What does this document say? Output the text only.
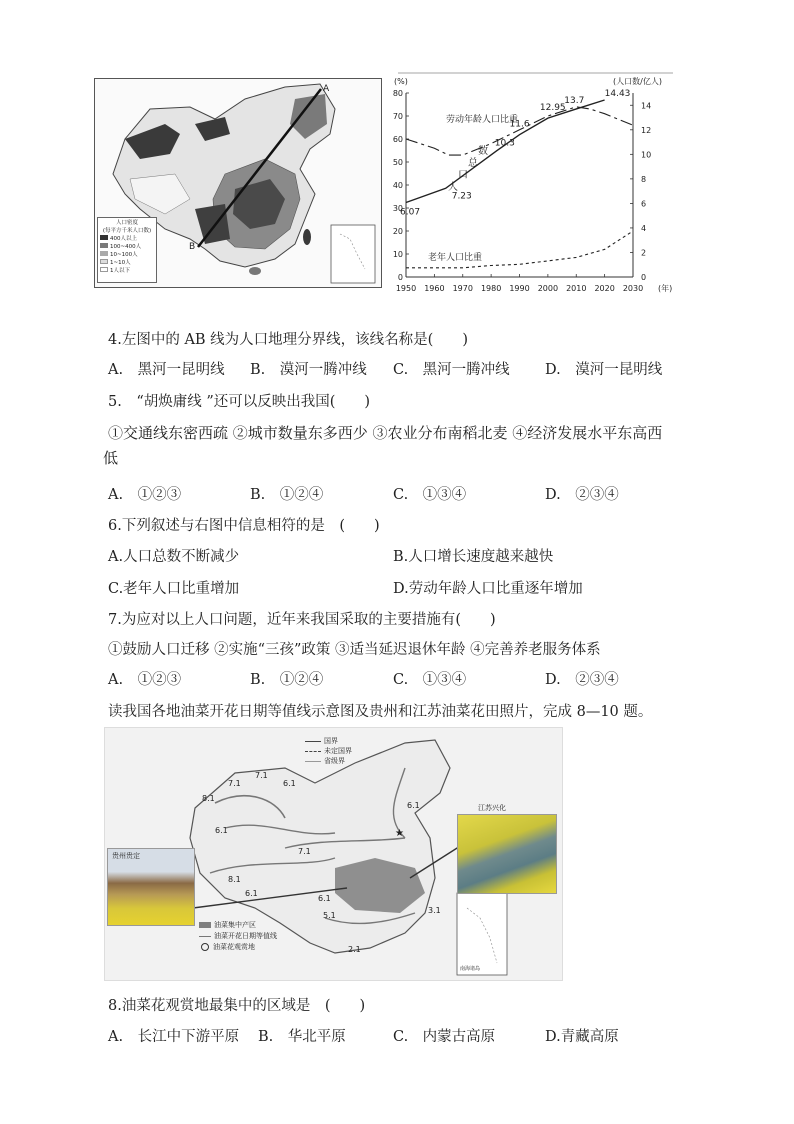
B
A
人口密度
(每平方千米人口数)
400人以上
100~400人
10~100人
1~10人
1人以下
(%)	(人口数/亿人)
0
10
20
30
40
50
60
70
80
0
2
4
6
8
10
12
14
1950 1960 1970 1980 1990 2000 2010 2020 2030 (年)
6.07
7.23
10.3
11.6
12.95
13.7
14.43
劳动年龄人口比重
老年人口比重
人
口
总
数
4.左图中的 AB 线为人口地理分界线，该线名称是(　　)
A.　黑河一昆明线 B.　漠河一腾冲线 C.　黑河一腾冲线 D.　漠河一昆明线
5.　“胡焕庸线 ”还可以反映出我国(　　)
①交通线东密西疏 ②城市数量东多西少 ③农业分布南稻北麦 ④经济发展水平东高西
低
A.　①②③	B.　①②④	C.　①③④	D.　②③④
6.下列叙述与右图中信息相符的是　(　　)
A.人口总数不断减少	B.人口增长速度越来越快
C.老年人口比重增加	D.劳动年龄人口比重逐年增加
7.为应对以上人口问题，近年来我国采取的主要措施有(　　)
①鼓励人口迁移 ②实施“三孩”政策 ③适当延迟退休年龄 ④完善养老服务体系
A.　①②③	B.　①②④	C.　①③④	D.　②③④
读我国各地油菜开花日期等值线示意图及贵州和江苏油菜花田照片，完成 8—10 题。
8.1
7.1
7.1
6.1
6.1
6.1
7.1
8.1
6.1
5.1
3.1
6.1
2.1
★
南海诸岛
国界
未定国界
省级界
油菜集中产区
油菜开花日期等值线
油菜花观赏地
贵州贵定
江苏兴化
8.油菜花观赏地最集中的区域是　(　　)
A.　长江中下游平原 B.　华北平原	C.　内蒙古高原	D.青藏高原
